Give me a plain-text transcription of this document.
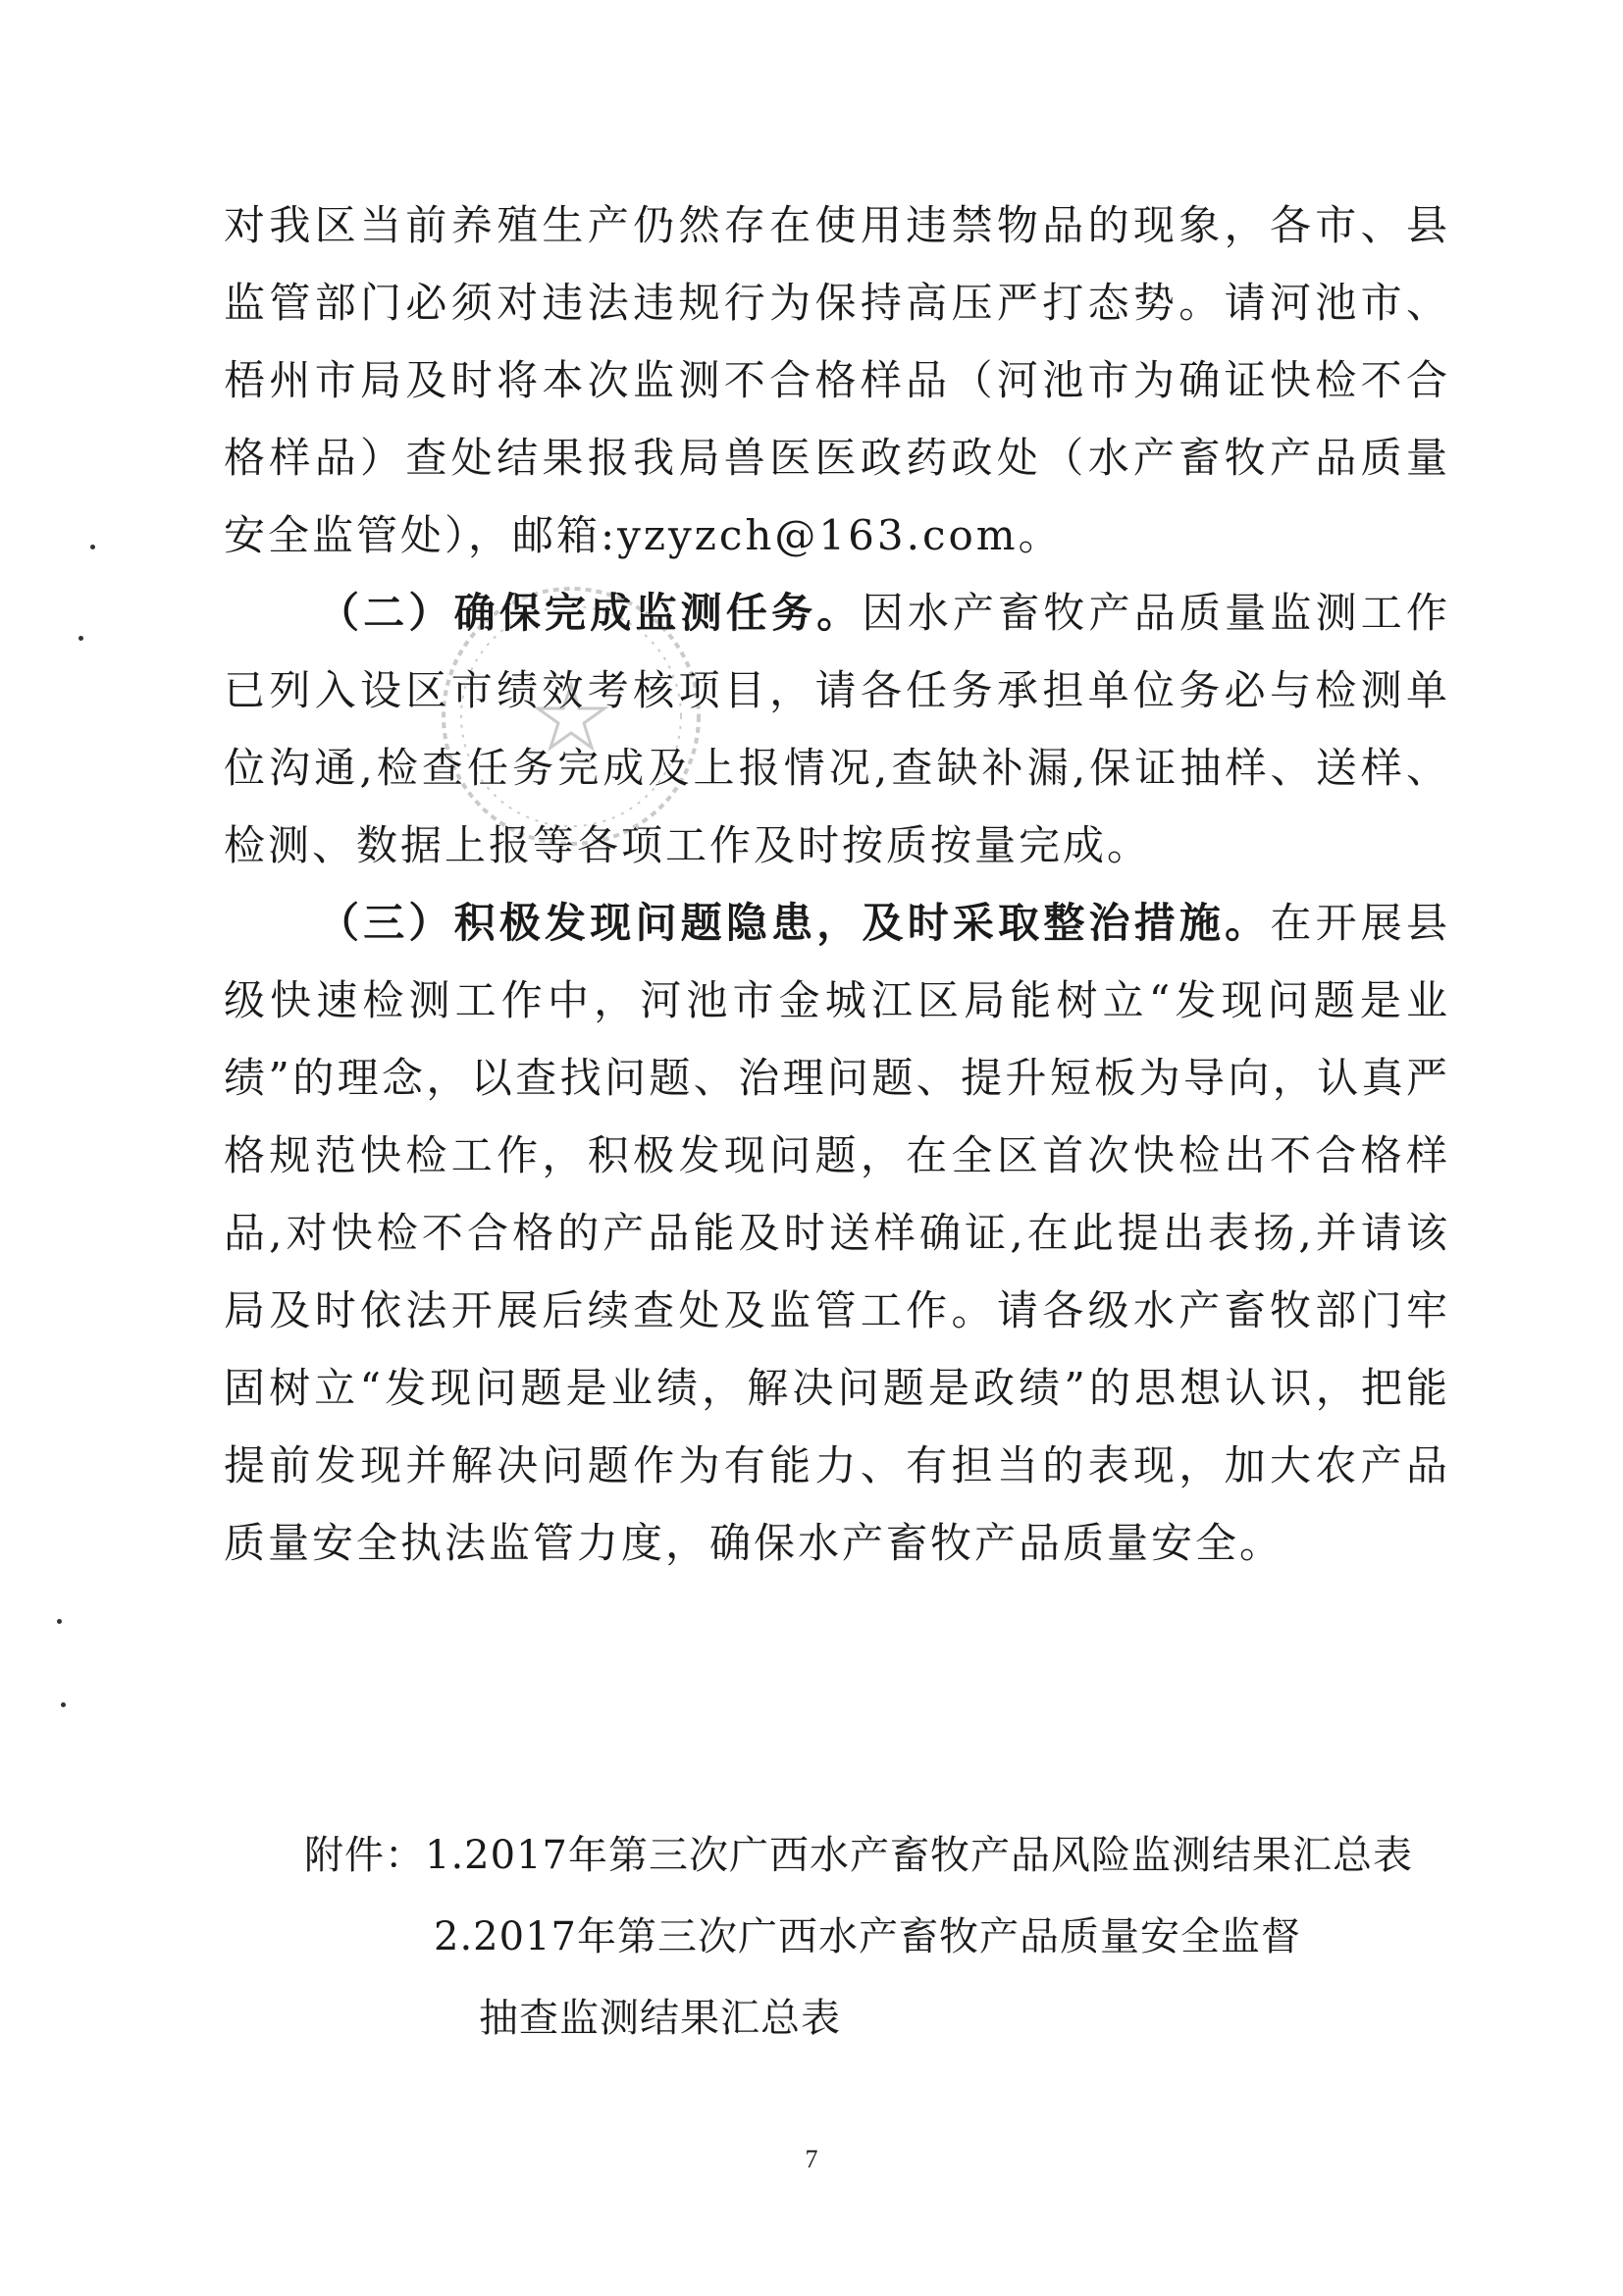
对我区当前养殖生产仍然存在使用违禁物品的现象，各市、县监管部门必须对违法违规行为保持高压严打态势。请河池市、梧州市局及时将本次监测不合格样品（河池市为确证快检不合格样品）查处结果报我局兽医医政药政处（水产畜牧产品质量安全监管处），邮箱:yzyzch@163.com。

（二）确保完成监测任务。因水产畜牧产品质量监测工作已列入设区市绩效考核项目，请各任务承担单位务必与检测单位沟通,检查任务完成及上报情况,查缺补漏,保证抽样、送样、检测、数据上报等各项工作及时按质按量完成。

（三）积极发现问题隐患，及时采取整治措施。在开展县级快速检测工作中，河池市金城江区局能树立“发现问题是业绩”的理念，以查找问题、治理问题、提升短板为导向，认真严格规范快检工作，积极发现问题，在全区首次快检出不合格样品,对快检不合格的产品能及时送样确证,在此提出表扬,并请该局及时依法开展后续查处及监管工作。请各级水产畜牧部门牢固树立“发现问题是业绩，解决问题是政绩”的思想认识，把能提前发现并解决问题作为有能力、有担当的表现，加大农产品质量安全执法监管力度，确保水产畜牧产品质量安全。

附件：1.2017年第三次广西水产畜牧产品风险监测结果汇总表
2.2017年第三次广西水产畜牧产品质量安全监督
抽查监测结果汇总表
7
